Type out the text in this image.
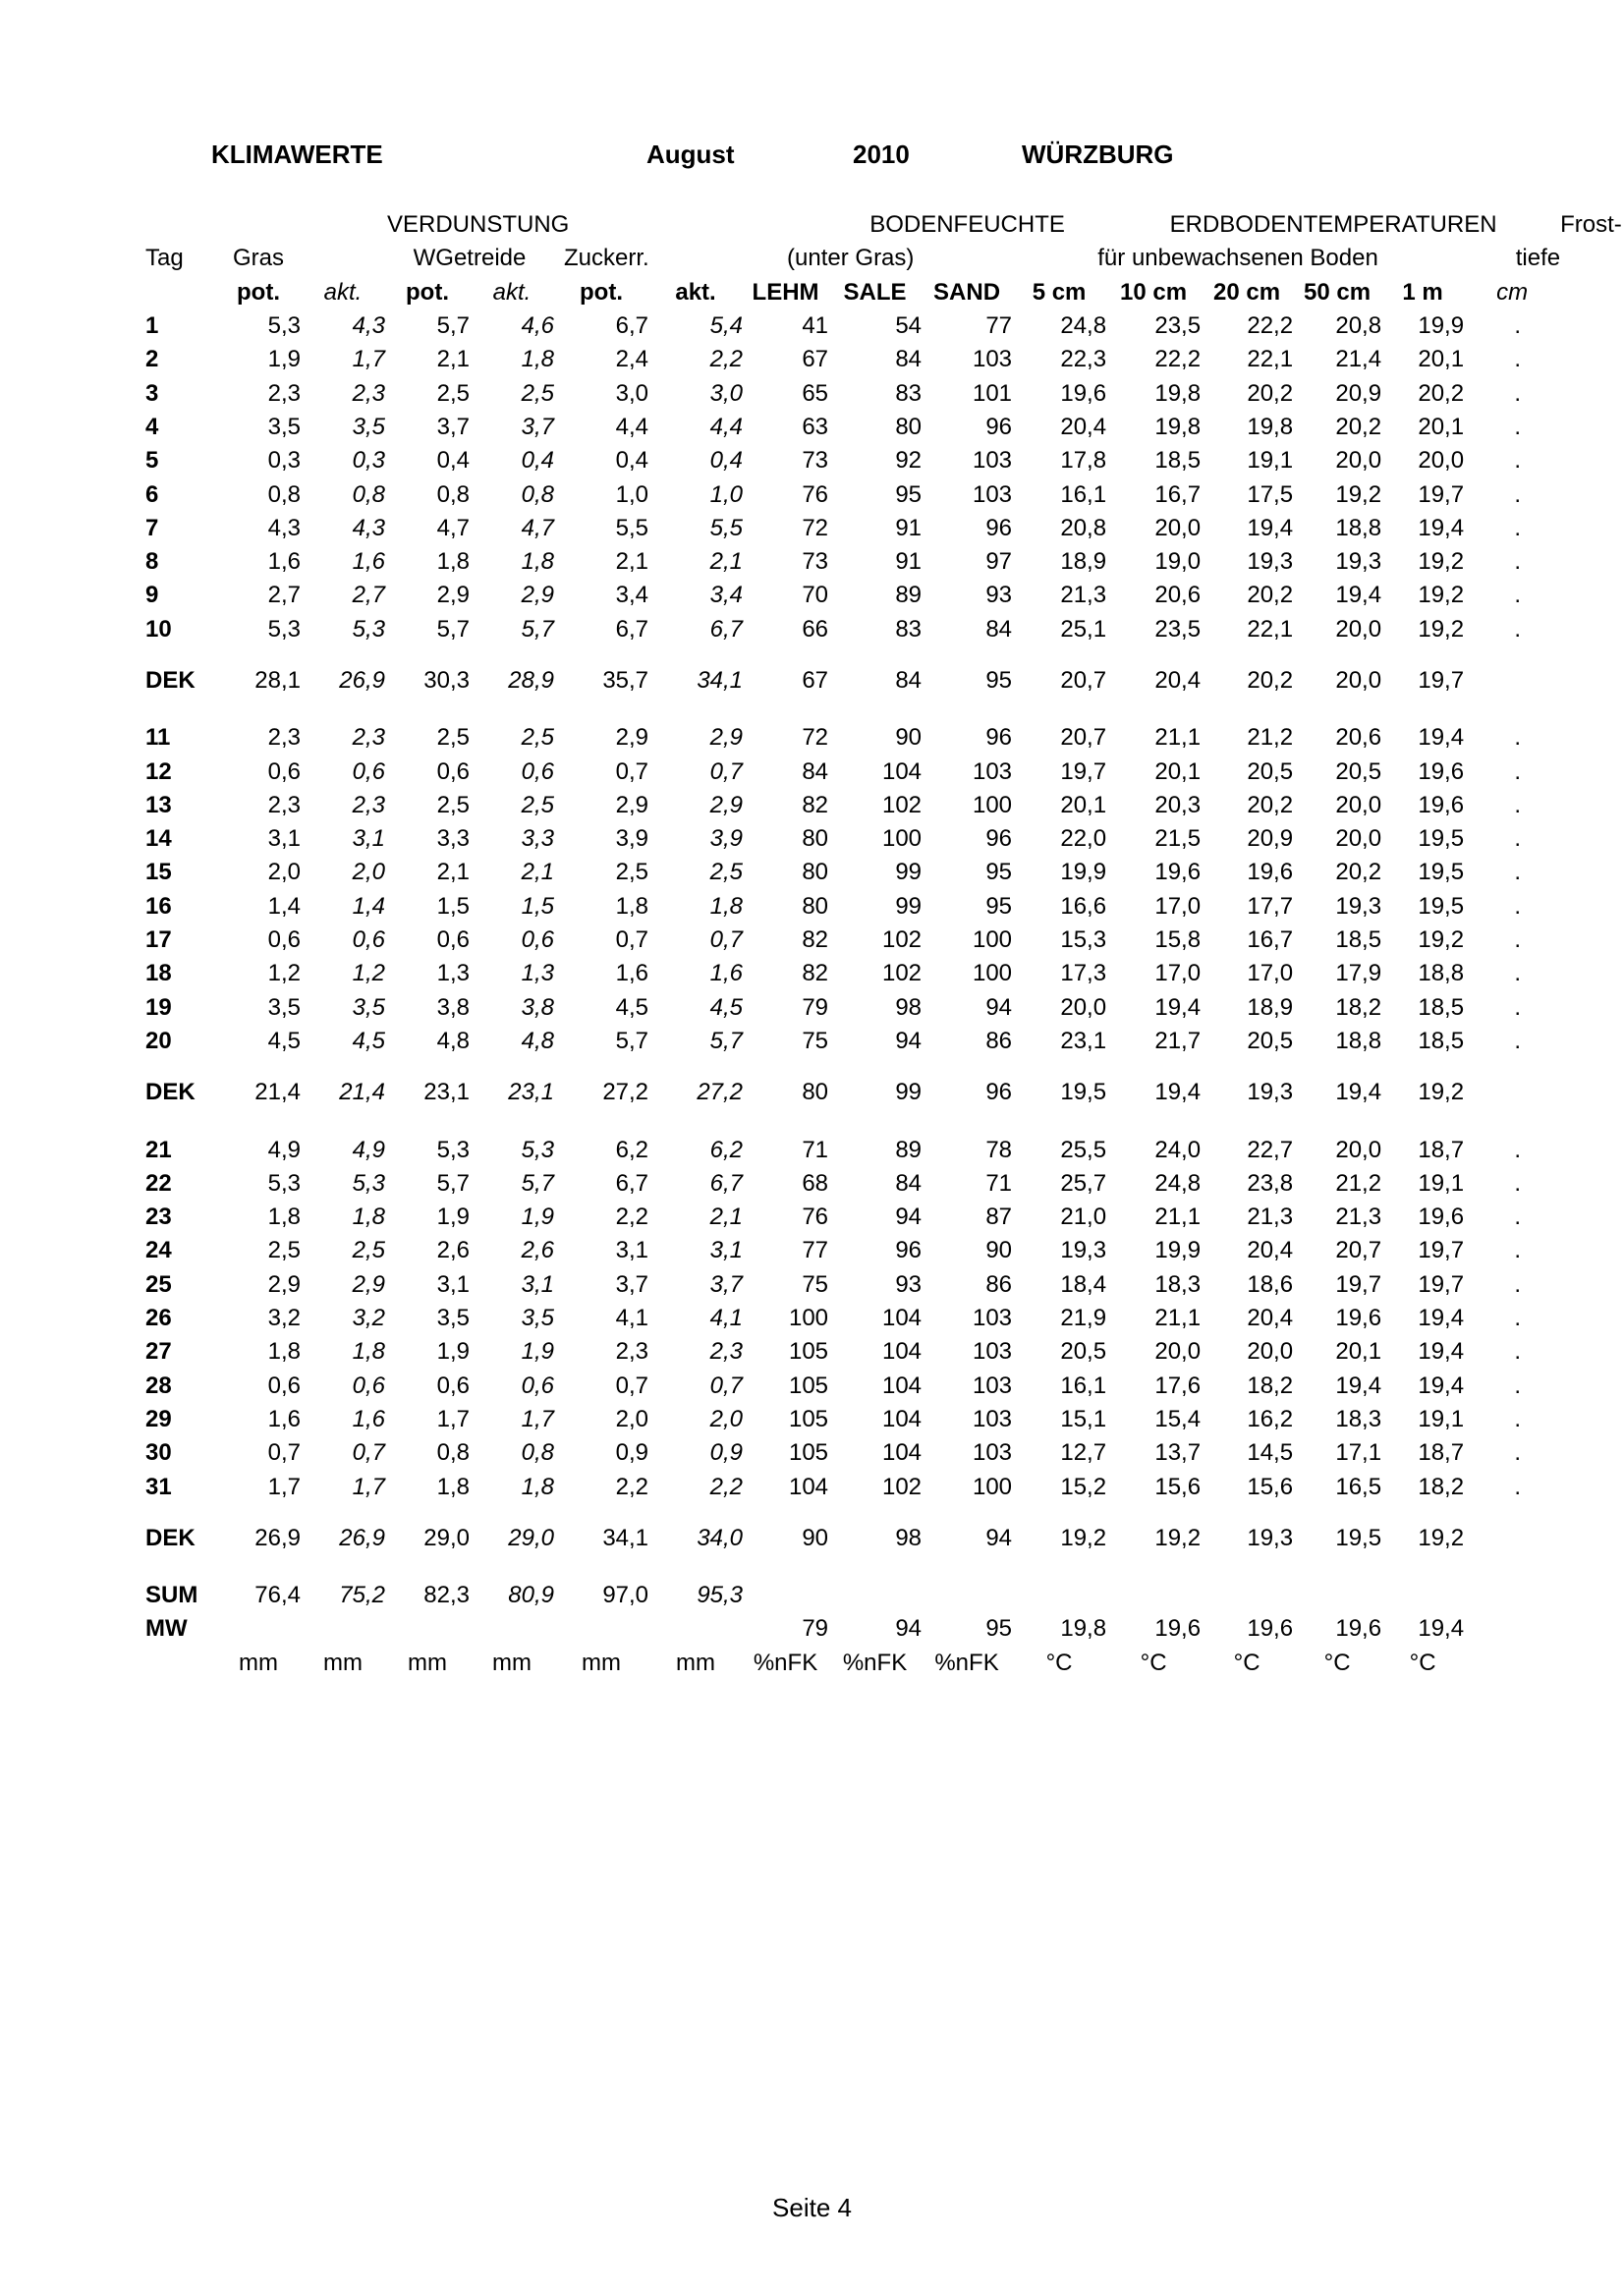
KLIMAWERTE	August	2010	WÜRZBURG
			VERDUNSTUNG					BODENFEUCHTE			ERDBODENTEMPERATUREN					Frost-
Tag	Gras		WGetreide		Zuckerr.		(unter Gras)			für unbewachsenen Boden					tiefe	
	pot.	akt.	pot.	akt.	pot.	akt.	LEHM	SALE	SAND	5 cm	10 cm	20 cm	50 cm	1 m	cm	
1	5,3	4,3	5,7	4,6	6,7	5,4	41	54	77	24,8	23,5	22,2	20,8	19,9	.	
2	1,9	1,7	2,1	1,8	2,4	2,2	67	84	103	22,3	22,2	22,1	21,4	20,1	.	
3	2,3	2,3	2,5	2,5	3,0	3,0	65	83	101	19,6	19,8	20,2	20,9	20,2	.	
4	3,5	3,5	3,7	3,7	4,4	4,4	63	80	96	20,4	19,8	19,8	20,2	20,1	.	
5	0,3	0,3	0,4	0,4	0,4	0,4	73	92	103	17,8	18,5	19,1	20,0	20,0	.	
6	0,8	0,8	0,8	0,8	1,0	1,0	76	95	103	16,1	16,7	17,5	19,2	19,7	.	
7	4,3	4,3	4,7	4,7	5,5	5,5	72	91	96	20,8	20,0	19,4	18,8	19,4	.	
8	1,6	1,6	1,8	1,8	2,1	2,1	73	91	97	18,9	19,0	19,3	19,3	19,2	.	
9	2,7	2,7	2,9	2,9	3,4	3,4	70	89	93	21,3	20,6	20,2	19,4	19,2	.	
10	5,3	5,3	5,7	5,7	6,7	6,7	66	83	84	25,1	23,5	22,1	20,0	19,2	.	

DEK	28,1	26,9	30,3	28,9	35,7	34,1	67	84	95	20,7	20,4	20,2	20,0	19,7		

11	2,3	2,3	2,5	2,5	2,9	2,9	72	90	96	20,7	21,1	21,2	20,6	19,4	.	
12	0,6	0,6	0,6	0,6	0,7	0,7	84	104	103	19,7	20,1	20,5	20,5	19,6	.	
13	2,3	2,3	2,5	2,5	2,9	2,9	82	102	100	20,1	20,3	20,2	20,0	19,6	.	
14	3,1	3,1	3,3	3,3	3,9	3,9	80	100	96	22,0	21,5	20,9	20,0	19,5	.	
15	2,0	2,0	2,1	2,1	2,5	2,5	80	99	95	19,9	19,6	19,6	20,2	19,5	.	
16	1,4	1,4	1,5	1,5	1,8	1,8	80	99	95	16,6	17,0	17,7	19,3	19,5	.	
17	0,6	0,6	0,6	0,6	0,7	0,7	82	102	100	15,3	15,8	16,7	18,5	19,2	.	
18	1,2	1,2	1,3	1,3	1,6	1,6	82	102	100	17,3	17,0	17,0	17,9	18,8	.	
19	3,5	3,5	3,8	3,8	4,5	4,5	79	98	94	20,0	19,4	18,9	18,2	18,5	.	
20	4,5	4,5	4,8	4,8	5,7	5,7	75	94	86	23,1	21,7	20,5	18,8	18,5	.	

DEK	21,4	21,4	23,1	23,1	27,2	27,2	80	99	96	19,5	19,4	19,3	19,4	19,2		

21	4,9	4,9	5,3	5,3	6,2	6,2	71	89	78	25,5	24,0	22,7	20,0	18,7	.	
22	5,3	5,3	5,7	5,7	6,7	6,7	68	84	71	25,7	24,8	23,8	21,2	19,1	.	
23	1,8	1,8	1,9	1,9	2,2	2,1	76	94	87	21,0	21,1	21,3	21,3	19,6	.	
24	2,5	2,5	2,6	2,6	3,1	3,1	77	96	90	19,3	19,9	20,4	20,7	19,7	.	
25	2,9	2,9	3,1	3,1	3,7	3,7	75	93	86	18,4	18,3	18,6	19,7	19,7	.	
26	3,2	3,2	3,5	3,5	4,1	4,1	100	104	103	21,9	21,1	20,4	19,6	19,4	.	
27	1,8	1,8	1,9	1,9	2,3	2,3	105	104	103	20,5	20,0	20,0	20,1	19,4	.	
28	0,6	0,6	0,6	0,6	0,7	0,7	105	104	103	16,1	17,6	18,2	19,4	19,4	.	
29	1,6	1,6	1,7	1,7	2,0	2,0	105	104	103	15,1	15,4	16,2	18,3	19,1	.	
30	0,7	0,7	0,8	0,8	0,9	0,9	105	104	103	12,7	13,7	14,5	17,1	18,7	.	
31	1,7	1,7	1,8	1,8	2,2	2,2	104	102	100	15,2	15,6	15,6	16,5	18,2	.	

DEK	26,9	26,9	29,0	29,0	34,1	34,0	90	98	94	19,2	19,2	19,3	19,5	19,2		

SUM	76,4	75,2	82,3	80,9	97,0	95,3										
MW							79	94	95	19,8	19,6	19,6	19,6	19,4		
	mm	mm	mm	mm	mm	mm	%nFK	%nFK	%nFK	°C	°C	°C	°C	°C		
Seite 4
